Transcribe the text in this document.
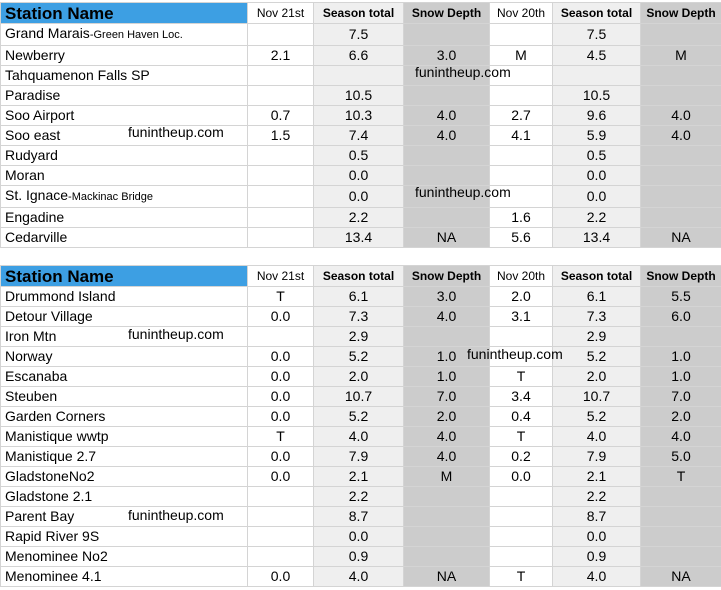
Station Name	Nov 21st	Season total	Snow Depth	Nov 20th	Season total	Snow Depth
Grand Marais-Green Haven Loc.		7.5			7.5	
Newberry	2.1	6.6	3.0	M	4.5	M
Tahquamenon Falls SP						
Paradise		10.5			10.5	
Soo Airport	0.7	10.3	4.0	2.7	9.6	4.0
Soo east	1.5	7.4	4.0	4.1	5.9	4.0
Rudyard		0.5			0.5	
Moran		0.0			0.0	
St. Ignace-Mackinac Bridge		0.0			0.0	
Engadine		2.2		1.6	2.2	
Cedarville		13.4	NA	5.6	13.4	NA
Station Name	Nov 21st	Season total	Snow Depth	Nov 20th	Season total	Snow Depth
Drummond Island	T	6.1	3.0	2.0	6.1	5.5
Detour Village	0.0	7.3	4.0	3.1	7.3	6.0
Iron Mtn		2.9			2.9	
Norway	0.0	5.2	1.0		5.2	1.0
Escanaba	0.0	2.0	1.0	T	2.0	1.0
Steuben	0.0	10.7	7.0	3.4	10.7	7.0
Garden Corners	0.0	5.2	2.0	0.4	5.2	2.0
Manistique wwtp	T	4.0	4.0	T	4.0	4.0
Manistique 2.7	0.0	7.9	4.0	0.2	7.9	5.0
GladstoneNo2	0.0	2.1	M	0.0	2.1	T
Gladstone 2.1		2.2			2.2	
Parent Bay		8.7			8.7	
Rapid River 9S		0.0			0.0	
Menominee No2		0.9			0.9	
Menominee 4.1	0.0	4.0	NA	T	4.0	NA
funintheup.com
funintheup.com
funintheup.com
funintheup.com
funintheup.com
funintheup.com
